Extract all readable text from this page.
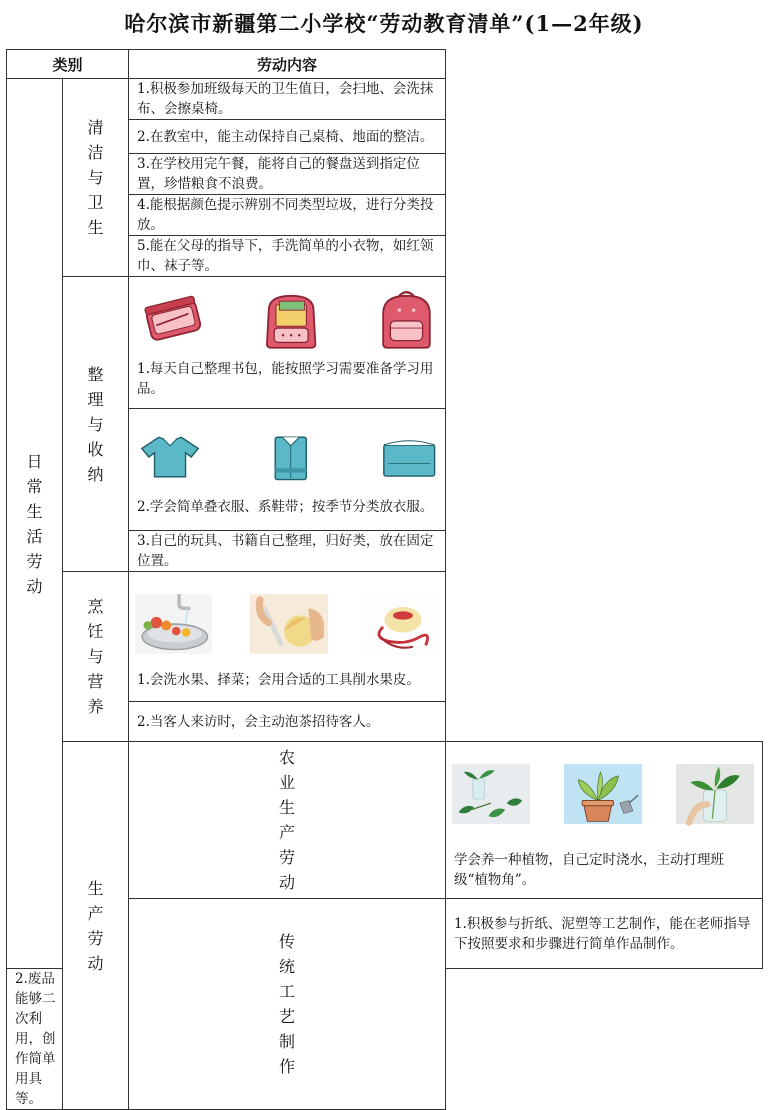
哈尔滨市新疆第二小学校“劳动教育清单”(1—2年级)
类别		劳动内容	
日常生活劳动	清洁与卫生	1.积极参加班级每天的卫生值日，会扫地、会洗抹布、会擦桌椅。	
		2.在教室中，能主动保持自己桌椅、地面的整洁。	
		3.在学校用完午餐，能将自己的餐盘送到指定位置，珍惜粮食不浪费。	
		4.能根据颜色提示辨别不同类型垃圾，进行分类投放。	
		5.能在父母的指导下，手洗简单的小衣物，如红领巾、袜子等。	
	整理与收纳	1.每天自己整理书包，能按照学习需要准备学习用品。	

		2.学会简单叠衣服、系鞋带；按季节分类放衣服。	

		3.自己的玩具、书籍自己整理，归好类，放在固定位置。	
	烹饪与营养	1.会洗水果、择菜；会用合适的工具削水果皮。	

		2.当客人来访时，会主动泡茶招待客人。	
	生产劳动	农业生产劳动	学会养一种植物，自己定时浇水，主动打理班级“植物角”。

		传统工艺制作	1.积极参与折纸、泥塑等工艺制作，能在老师指导下按照要求和步骤进行简单作品制作。
2.废品能够二次利用，创作简单用具等。			
